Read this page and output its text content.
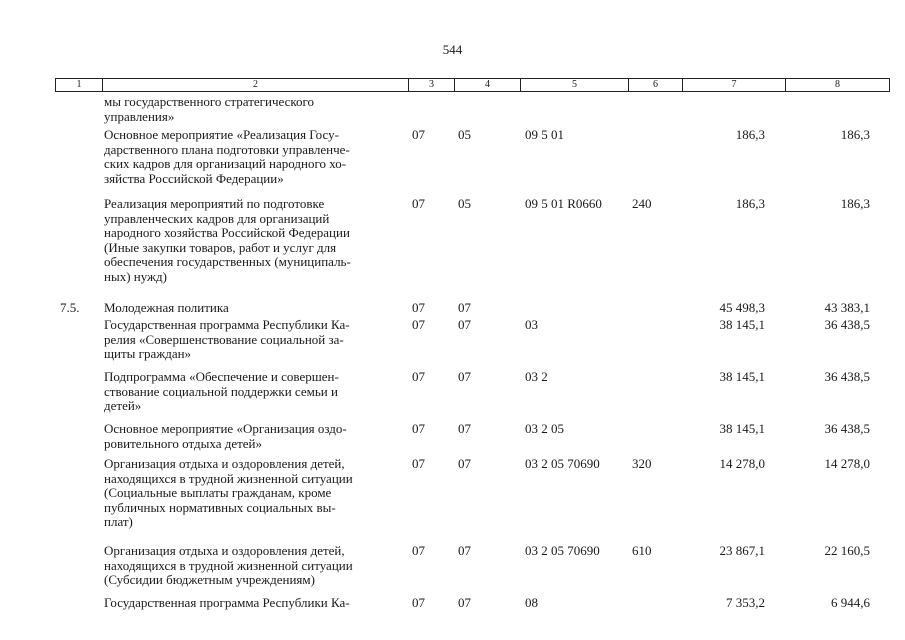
544
1	2	3	4	5	6	7	8
мы государственного стратегического
управления»
Основное мероприятие «Реализация Госу-
дарственного плана подготовки управленче-
ских кадров для организаций народного хо-
зяйства Российской Федерации»
07	05	09 5 01	186,3	186,3
Реализация мероприятий по подготовке
управленческих кадров для организаций
народного хозяйства Российской Федерации
(Иные закупки товаров, работ и услуг для
обеспечения государственных (муниципаль-
ных) нужд)
07	05	09 5 01 R0660 240	186,3	186,3
7.5. Молодежная политика	07	07	45 498,3	43 383,1
Государственная программа Республики Ка-
релия «Совершенствование социальной за-
щиты граждан»
07	07	03	38 145,1	36 438,5
Подпрограмма «Обеспечение и совершен-
ствование социальной поддержки семьи и
детей»
07	07	03 2	38 145,1	36 438,5
Основное мероприятие «Организация оздо-
ровительного отдыха детей»
07	07	03 2 05	38 145,1	36 438,5
Организация отдыха и оздоровления детей,
находящихся в трудной жизненной ситуации
(Социальные выплаты гражданам, кроме
публичных нормативных социальных вы-
плат)
07	07	03 2 05 70690 320	14 278,0	14 278,0
Организация отдыха и оздоровления детей,
находящихся в трудной жизненной ситуации
(Субсидии бюджетным учреждениям)
07	07	03 2 05 70690 610	23 867,1	22 160,5
Государственная программа Республики Ка-	07	07	08	7 353,2	6 944,6
